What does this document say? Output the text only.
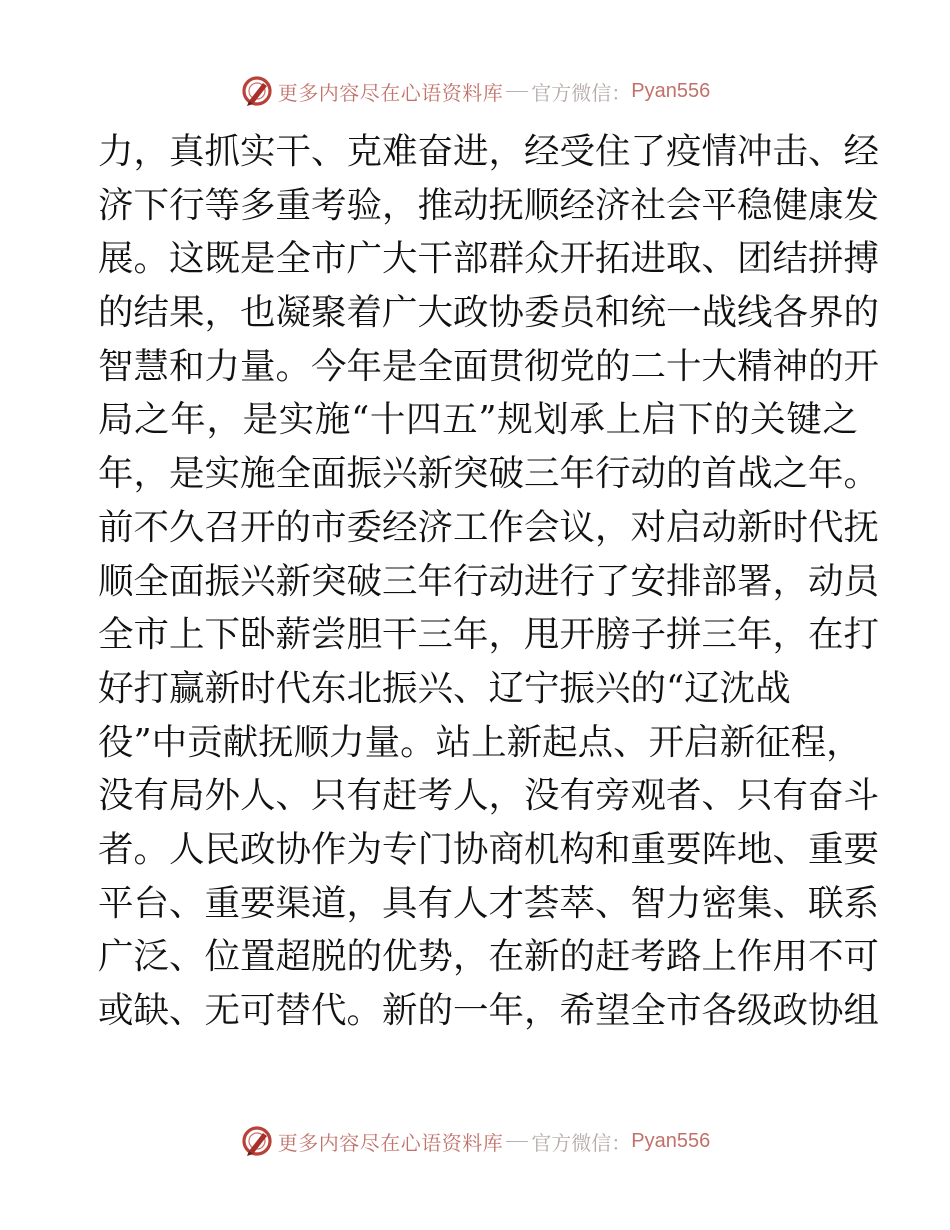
更多内容尽在心语资料库 官方微信： Pyan556
力，真抓实干、克难奋进，经受住了疫情冲击、经
济下行等多重考验，推动抚顺经济社会平稳健康发
展。这既是全市广大干部群众开拓进取、团结拼搏
的结果，也凝聚着广大政协委员和统一战线各界的
智慧和力量。今年是全面贯彻党的二十大精神的开
局之年，是实施“十四五”规划承上启下的关键之
年，是实施全面振兴新突破三年行动的首战之年。
前不久召开的市委经济工作会议，对启动新时代抚
顺全面振兴新突破三年行动进行了安排部署，动员
全市上下卧薪尝胆干三年，甩开膀子拼三年，在打
好打赢新时代东北振兴、辽宁振兴的“辽沈战
役”中贡献抚顺力量。站上新起点、开启新征程，
没有局外人、只有赶考人，没有旁观者、只有奋斗
者。人民政协作为专门协商机构和重要阵地、重要
平台、重要渠道，具有人才荟萃、智力密集、联系
广泛、位置超脱的优势，在新的赶考路上作用不可
或缺、无可替代。新的一年，希望全市各级政协组
更多内容尽在心语资料库 官方微信： Pyan556
